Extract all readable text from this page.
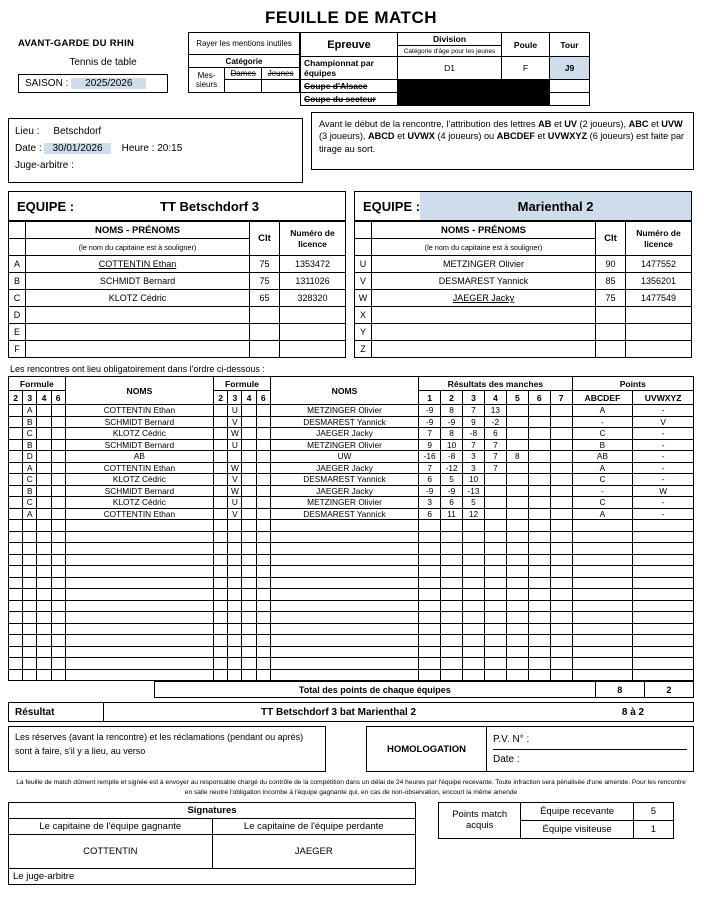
FEUILLE DE MATCH
AVANT-GARDE DU RHIN
Tennis de table
SAISON : 2025/2026
Rayer les mentions inutiles		
Catégorie		
Mes-
sieurs	Dames	Jeunes

Epreuve	Division	Poule	Tour
	Catégorie d'âge pour les jeunes		
Championnat par équipes	D1	F	J9
Coupe d'Alsace			
Coupe du secteur			
Lieu : Betschdorf
Date : 30/01/2026 Heure : 20:15
Juge-arbitre :
Avant le début de la rencontre, l'attribution des lettres AB et UV (2 joueurs), ABC et UVW (3 joueurs), ABCD et UVWX (4 joueurs) ou ABCDEF et UVWXYZ (6 joueurs) est faite par tirage au sort.
EQUIPE :	TT Betschdorf 3
	NOMS - PRÉNOMS	Clt	Numéro de licence
	(le nom du capitaine est à souligner)		
A	COTTENTIN Ethan	75	1353472
B	SCHMIDT Bernard	75	1311026
C	KLOTZ Cédric	65	328320
D			
E			
F			
EQUIPE :	Marienthal 2
	NOMS - PRÉNOMS	Clt	Numéro de licence
	(le nom du capitaine est à souligner)		
U	METZINGER Olivier	90	1477552
V	DESMAREST Yannick	85	1356201
W	JAEGER Jacky	75	1477549
X			
Y			
Z			
Les rencontres ont lieu obligatoirement dans l'ordre ci-dessous :
Formule				NOMS	Formule				NOMS	Résultats des manches							Points	
2	3	4	6		2	3	4	6		1	2	3	4	5	6	7	ABCDEF	UVWXYZ
	A			COTTENTIN Ethan		U			METZINGER Olivier	-9	8	7	13				A	-
	B			SCHMIDT Bernard		V			DESMAREST Yannick	-9	-9	9	-2				-	V
	C			KLOTZ Cédric		W			JAEGER Jacky	7	8	-8	6				C	-
	B			SCHMIDT Bernard		U			METZINGER Olivier	9	10	7	7				B	-
	D			AB					UW	-16	-8	3	7	8			AB	-
	A			COTTENTIN Ethan		W			JAEGER Jacky	7	-12	3	7				A	-
	C			KLOTZ Cédric		V			DESMAREST Yannick	6	5	10					C	-
	B			SCHMIDT Bernard		W			JAEGER Jacky	-9	-9	-13					-	W
	C			KLOTZ Cédric		U			METZINGER Olivier	3	6	5					C	-
	A			COTTENTIN Ethan		V			DESMAREST Yannick	6	11	12					A	-

	Total des points de chaque équipes	8	2
Résultat	TT Betschdorf 3 bat Marienthal 2	8 à 2
Les réserves (avant la rencontre) et les réclamations (pendant ou après) sont à faire, s'il y a lieu, au verso	HOMOLOGATION
P.V. N° :
Date :
La feuille de match dûment remplie et signée est à envoyer au responsable chargé du contrôle de la compétition dans un délai de 24 heures par l'équipe recevante. Toute infraction sera pénalisée d'une amende. Pour les rencontre en salle neutre l'obligation incombe à l'équipe gagnante qui, en cas de non-observation, encourt la même amende
Signatures	
Le capitaine de l'équipe gagnante	Le capitaine de l'équipe perdante
COTTENTIN	JAEGER
Le juge-arbitre	
Points match acquis	Équipe recevante	5
	Équipe visiteuse	1
